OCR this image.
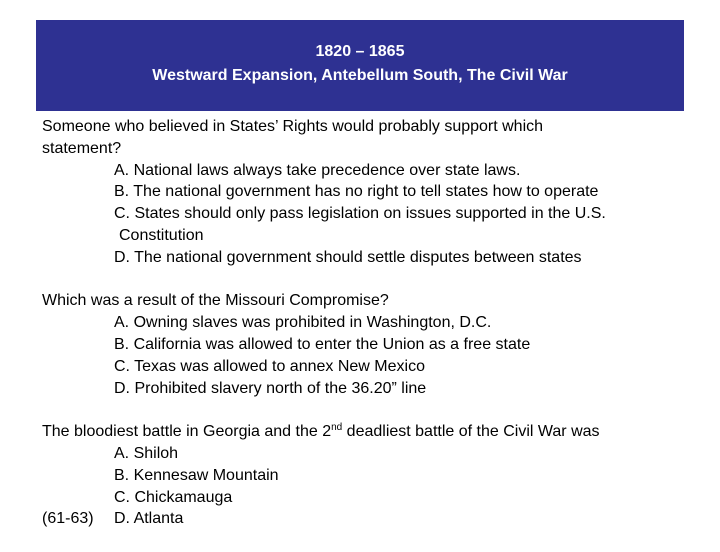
1820 – 1865
Westward Expansion, Antebellum South, The Civil War

Someone who believed in States’ Rights would probably support which

statement?

A. National laws always take precedence over state laws.

B. The national government has no right to tell states how to operate

C. States should only pass legislation on issues supported in the U.S.

Constitution

D. The national government should settle disputes between states

Which was a result of the Missouri Compromise?

A. Owning slaves was prohibited in Washington, D.C.

B. California was allowed to enter the Union as a free state

C. Texas was allowed to annex New Mexico

D. Prohibited slavery north of the 36.20” line

The bloodiest battle in Georgia and the 2nd deadliest battle of the Civil War was

A. Shiloh

B. Kennesaw Mountain

C. Chickamauga

(61-63) D. Atlanta
